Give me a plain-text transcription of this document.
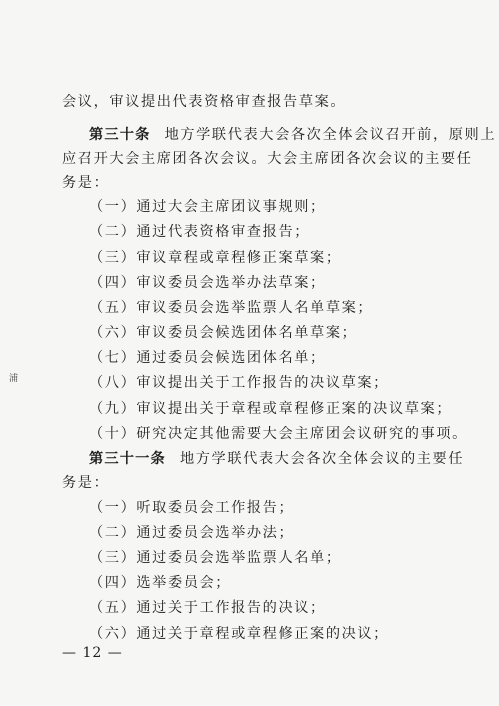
会议，审议提出代表资格审查报告草案。
第三十条 地方学联代表大会各次全体会议召开前，原则上
应召开大会主席团各次会议。大会主席团各次会议的主要任
务是：
（一）通过大会主席团议事规则；
（二）通过代表资格审查报告；
（三）审议章程或章程修正案草案；
（四）审议委员会选举办法草案；
（五）审议委员会选举监票人名单草案；
（六）审议委员会候选团体名单草案；
（七）通过委员会候选团体名单；
（八）审议提出关于工作报告的决议草案；
（九）审议提出关于章程或章程修正案的决议草案；
（十）研究决定其他需要大会主席团会议研究的事项。
第三十一条 地方学联代表大会各次全体会议的主要任
务是：
（一）听取委员会工作报告；
（二）通过委员会选举办法；
（三）通过委员会选举监票人名单；
（四）选举委员会；
（五）通过关于工作报告的决议；
（六）通过关于章程或章程修正案的决议；
浦
— 12 —
